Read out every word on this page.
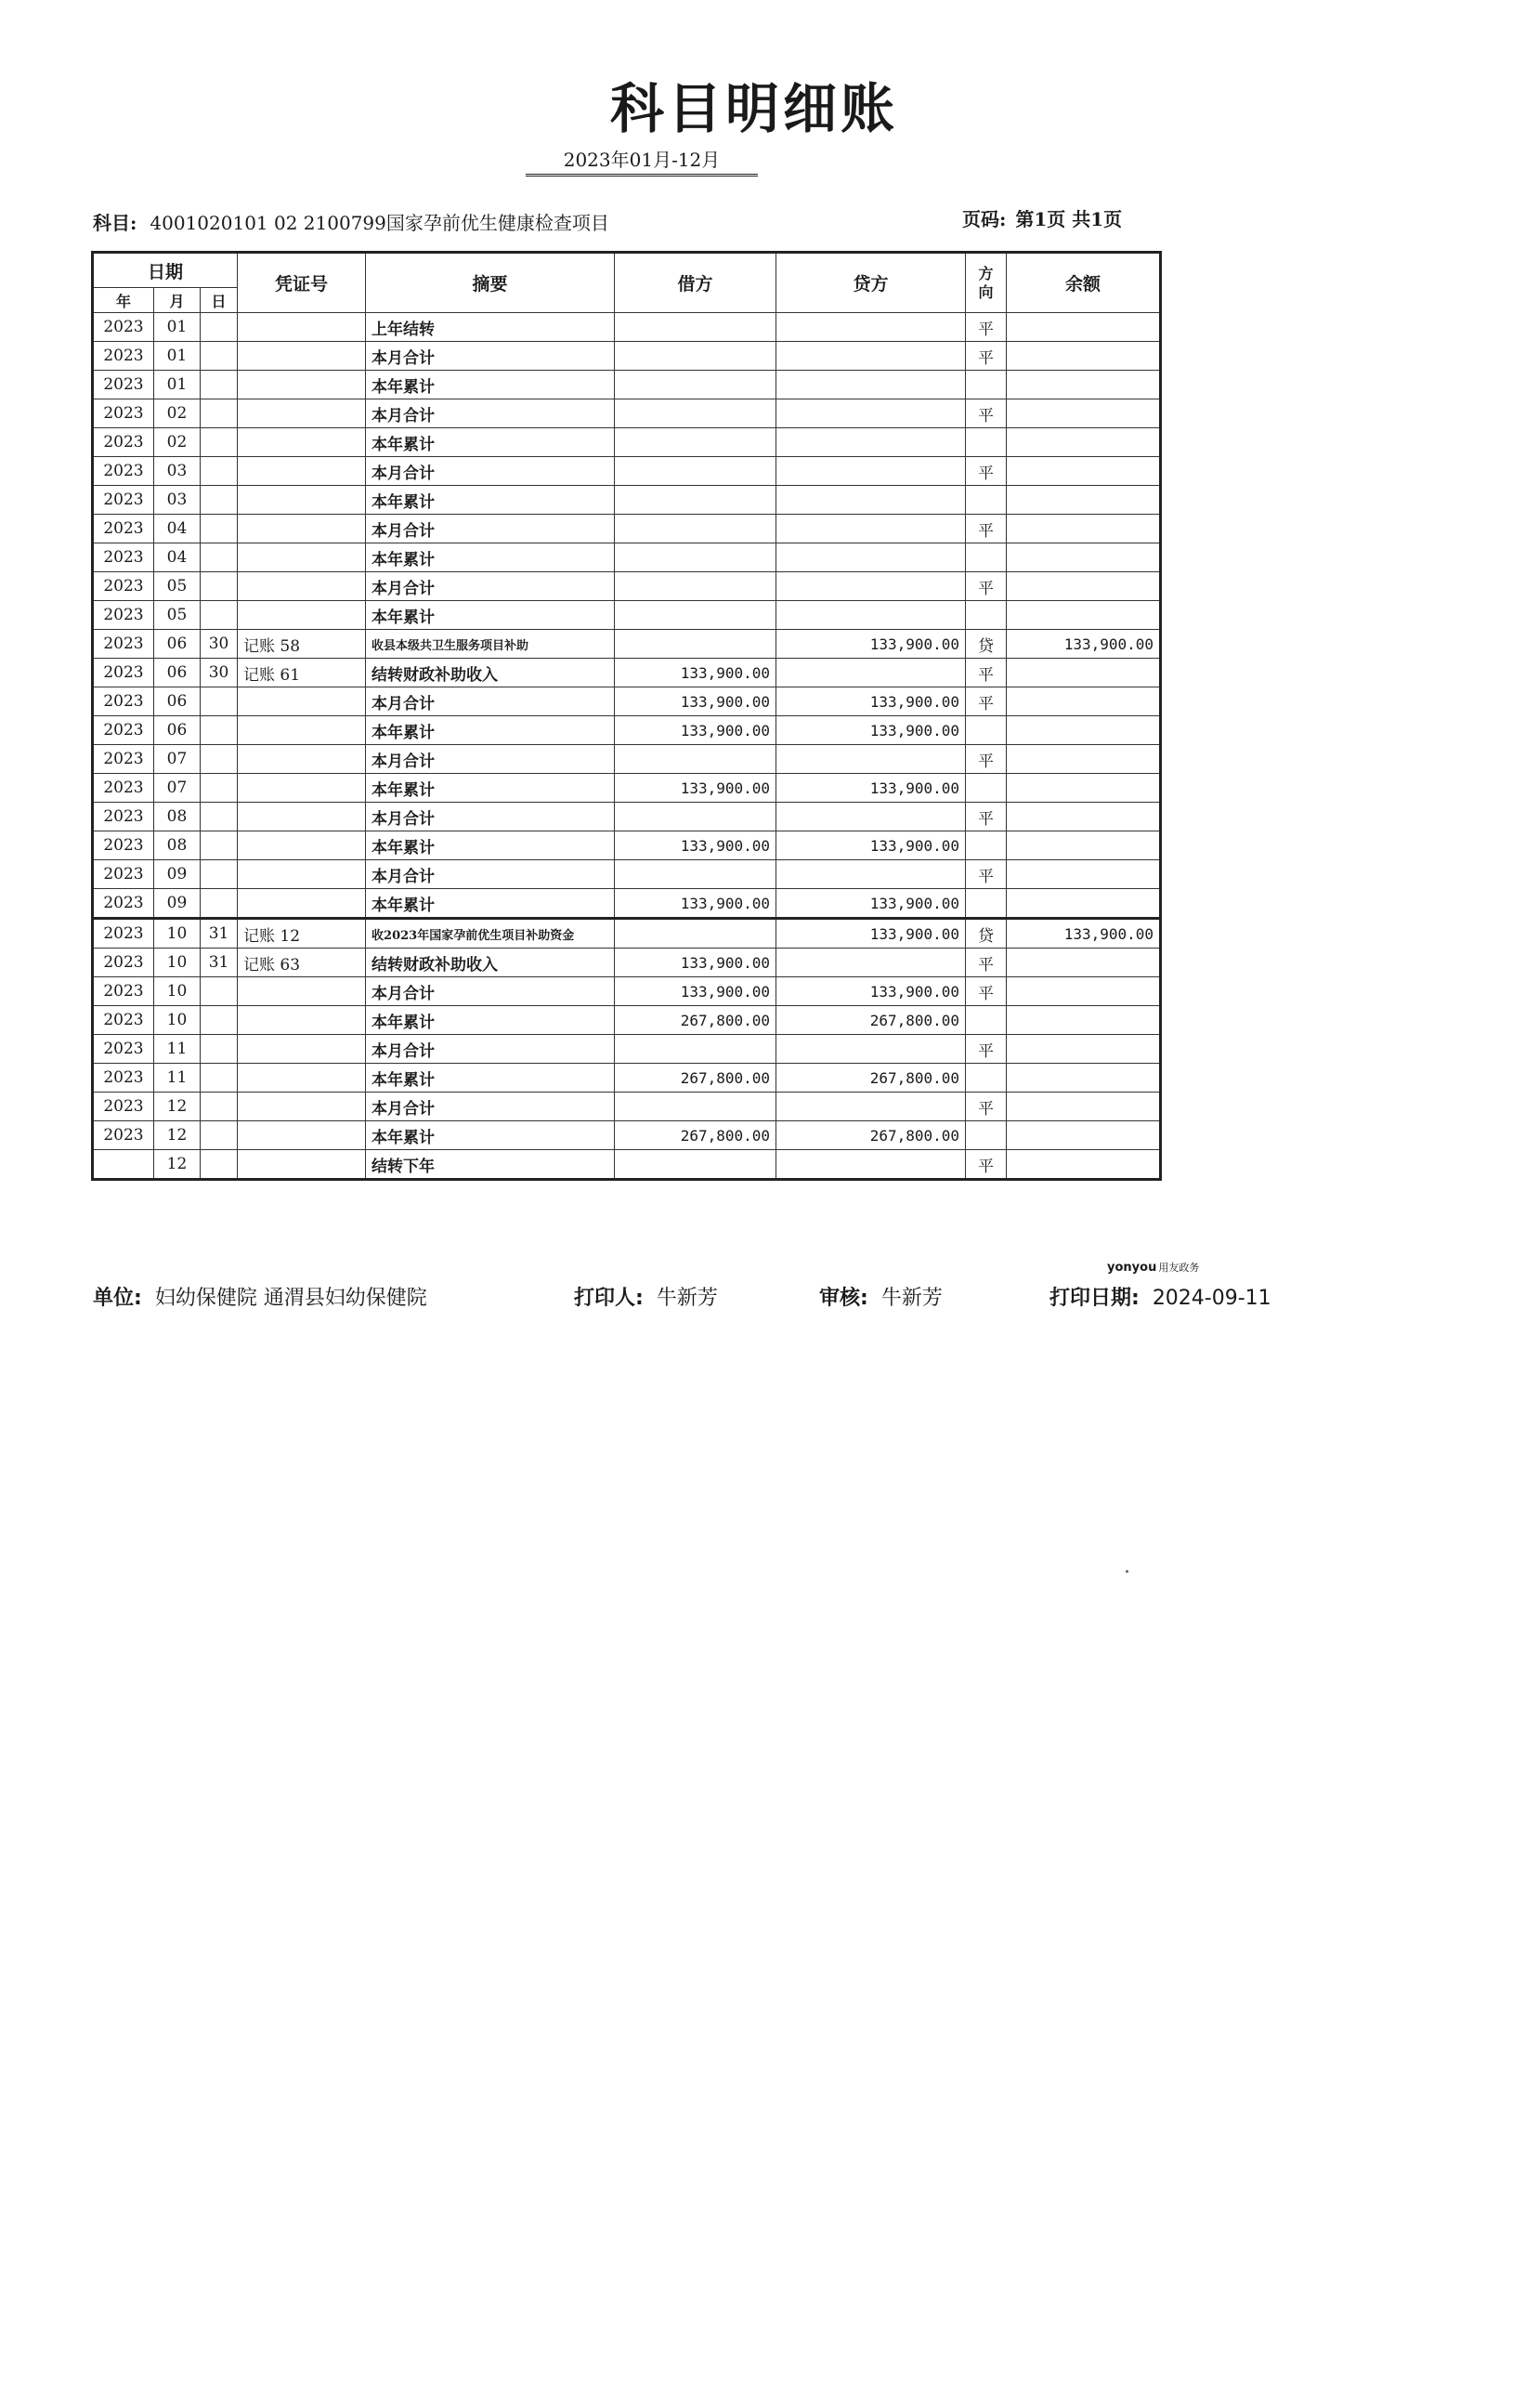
科目明细账
2023年01月-12月
科目: 4001020101 02 2100799国家孕前优生健康检查项目	页码: 第1页 共1页
日期			凭证号	摘要	借方	贷方	方向	余额
年	月	日						
2023	01			上年结转			平	
2023	01			本月合计			平	
2023	01			本年累计				
2023	02			本月合计			平	
2023	02			本年累计				
2023	03			本月合计			平	
2023	03			本年累计				
2023	04			本月合计			平	
2023	04			本年累计				
2023	05			本月合计			平	
2023	05			本年累计				
2023	06	30	记账 58	收县本级共卫生服务项目补助		133,900.00	贷	133,900.00
2023	06	30	记账 61	结转财政补助收入	133,900.00		平	
2023	06			本月合计	133,900.00	133,900.00	平	
2023	06			本年累计	133,900.00	133,900.00		
2023	07			本月合计			平	
2023	07			本年累计	133,900.00	133,900.00		
2023	08			本月合计			平	
2023	08			本年累计	133,900.00	133,900.00		
2023	09			本月合计			平	
2023	09			本年累计	133,900.00	133,900.00		
2023	10	31	记账 12	收2023年国家孕前优生项目补助资金		133,900.00	贷	133,900.00
2023	10	31	记账 63	结转财政补助收入	133,900.00		平	
2023	10			本月合计	133,900.00	133,900.00	平	
2023	10			本年累计	267,800.00	267,800.00		
2023	11			本月合计			平	
2023	11			本年累计	267,800.00	267,800.00		
2023	12			本月合计			平	
2023	12			本年累计	267,800.00	267,800.00		
	12			结转下年			平	
yonyou 用友政务
单位: 妇幼保健院 通渭县妇幼保健院	打印人: 牛新芳	审核: 牛新芳	打印日期: 2024-09-11
